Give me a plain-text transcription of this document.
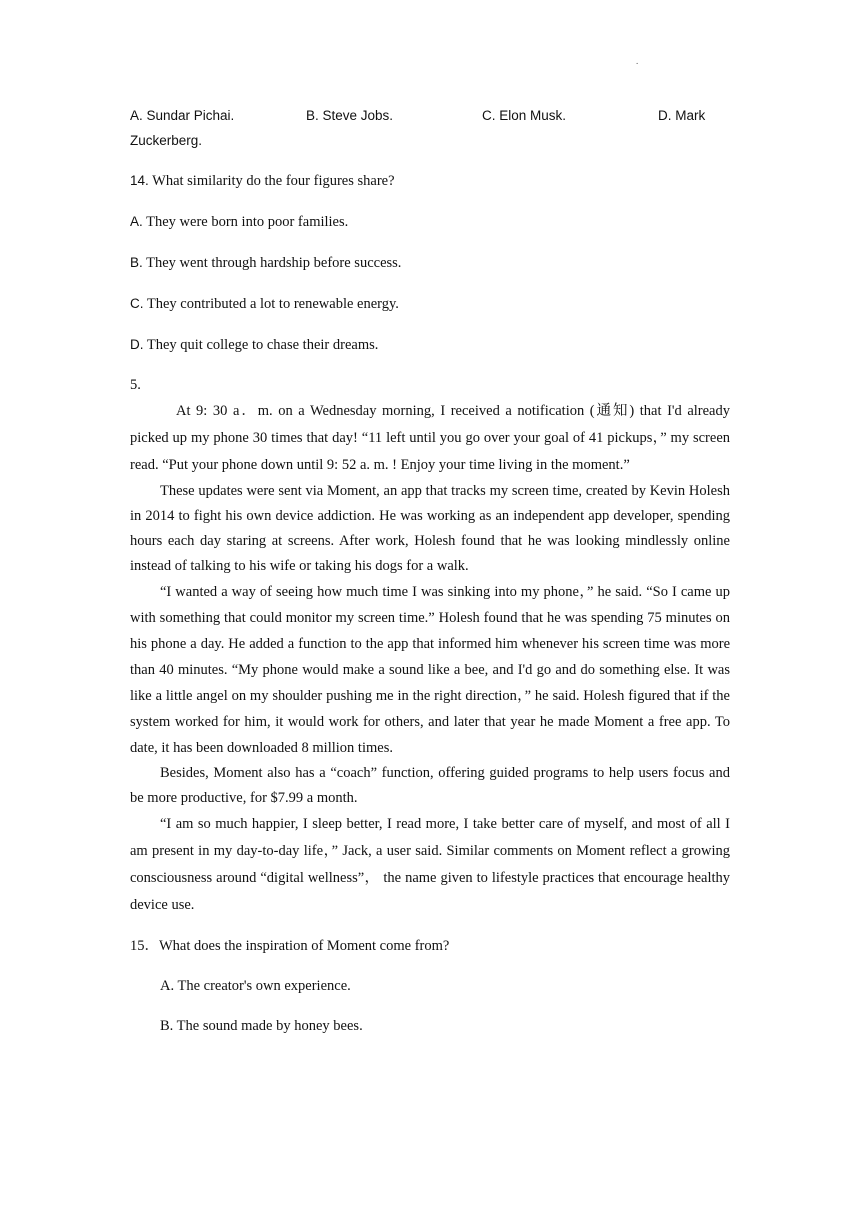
.
A. Sundar Pichai.	B. Steve Jobs.	C. Elon Musk.	D. Mark
Zuckerberg.
14. What similarity do the four figures share?
A. They were born into poor families.
B. They went through hardship before success.
C. They contributed a lot to renewable energy.
D. They quit college to chase their dreams.
5.

At 9: 30 a．m. on a Wednesday morning, I received a notification (通知) that I'd already picked up my phone 30 times that day! “11 left until you go over your goal of 41 pickups，” my screen read. “Put your phone down until 9: 52 a. m. ! Enjoy your time living in the moment.”

These updates were sent via Moment, an app that tracks my screen time, created by Kevin Holesh in 2014 to fight his own device addiction. He was working as an independent app developer, spending hours each day staring at screens. After work, Holesh found that he was looking mindlessly online instead of talking to his wife or taking his dogs for a walk.

“I wanted a way of seeing how much time I was sinking into my phone，” he said. “So I came up with something that could monitor my screen time.” Holesh found that he was spending 75 minutes on his phone a day. He added a function to the app that informed him whenever his screen time was more than 40 minutes. “My phone would make a sound like a bee, and I'd go and do something else. It was like a little angel on my shoulder pushing me in the right direction，” he said. Holesh figured that if the system worked for him, it would work for others, and later that year he made Moment a free app. To date, it has been downloaded 8 million times.

Besides, Moment also has a “coach” function, offering guided programs to help users focus and be more productive, for $7.99 a month.

“I am so much happier, I sleep better, I read more, I take better care of myself, and most of all I am present in my day-to-day life，” Jack, a user said. Similar comments on Moment reflect a growing consciousness around “digital wellness”， the name given to lifestyle practices that encourage healthy device use.

15．What does the inspiration of Moment come from?
A. The creator's own experience.
B. The sound made by honey bees.
